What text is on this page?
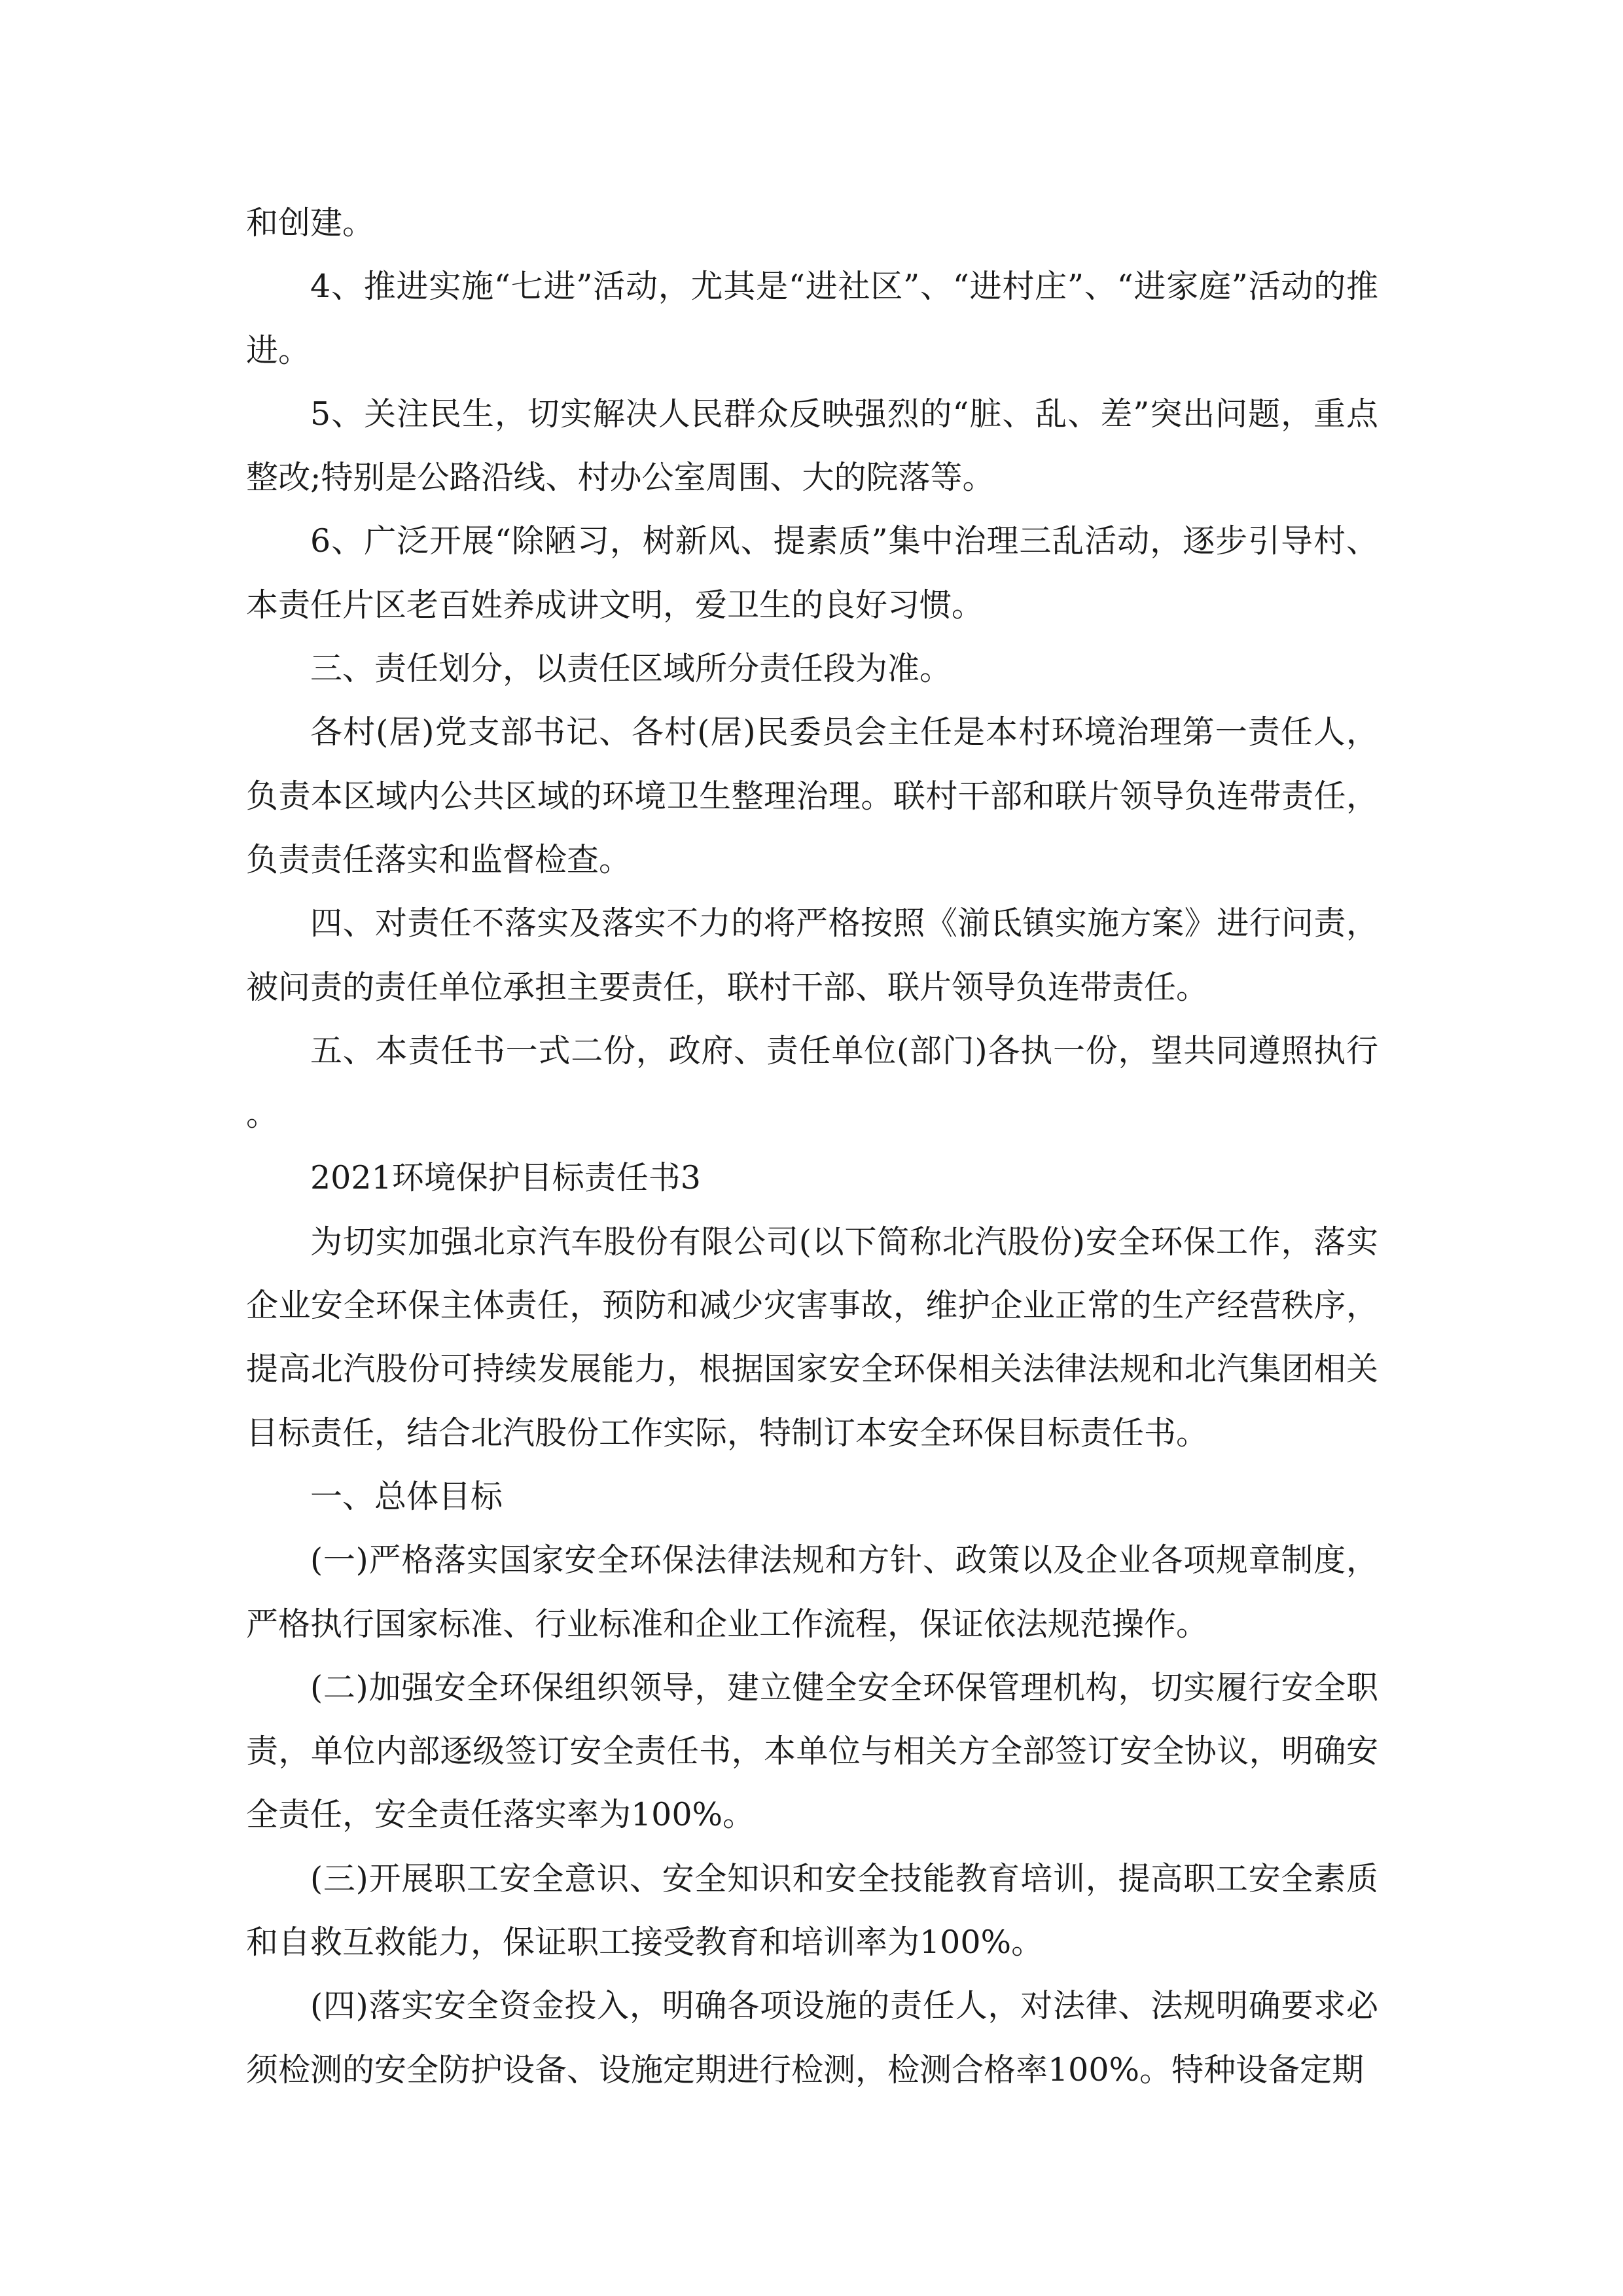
和创建。

4、推进实施“七进”活动，尤其是“进社区”、“进村庄”、“进家庭”活动的推进。

5、关注民生，切实解决人民群众反映强烈的“脏、乱、差”突出问题，重点整改;特别是公路沿线、村办公室周围、大的院落等。

6、广泛开展“除陋习，树新风、提素质”集中治理三乱活动，逐步引导村、本责任片区老百姓养成讲文明，爱卫生的良好习惯。

三、责任划分，以责任区域所分责任段为准。

各村(居)党支部书记、各村(居)民委员会主任是本村环境治理第一责任人，负责本区域内公共区域的环境卫生整理治理。联村干部和联片领导负连带责任，负责责任落实和监督检查。

四、对责任不落实及落实不力的将严格按照《湔氐镇实施方案》进行问责，被问责的责任单位承担主要责任，联村干部、联片领导负连带责任。

五、本责任书一式二份，政府、责任单位(部门)各执一份，望共同遵照执行。

2021环境保护目标责任书3

为切实加强北京汽车股份有限公司(以下简称北汽股份)安全环保工作，落实企业安全环保主体责任，预防和减少灾害事故，维护企业正常的生产经营秩序，提高北汽股份可持续发展能力，根据国家安全环保相关法律法规和北汽集团相关目标责任，结合北汽股份工作实际，特制订本安全环保目标责任书。

一、总体目标

(一)严格落实国家安全环保法律法规和方针、政策以及企业各项规章制度，严格执行国家标准、行业标准和企业工作流程，保证依法规范操作。

(二)加强安全环保组织领导，建立健全安全环保管理机构，切实履行安全职责，单位内部逐级签订安全责任书，本单位与相关方全部签订安全协议，明确安全责任，安全责任落实率为100%。

(三)开展职工安全意识、安全知识和安全技能教育培训，提高职工安全素质和自救互救能力，保证职工接受教育和培训率为100%。

(四)落实安全资金投入，明确各项设施的责任人，对法律、法规明确要求必须检测的安全防护设备、设施定期进行检测，检测合格率100%。特种设备定期
